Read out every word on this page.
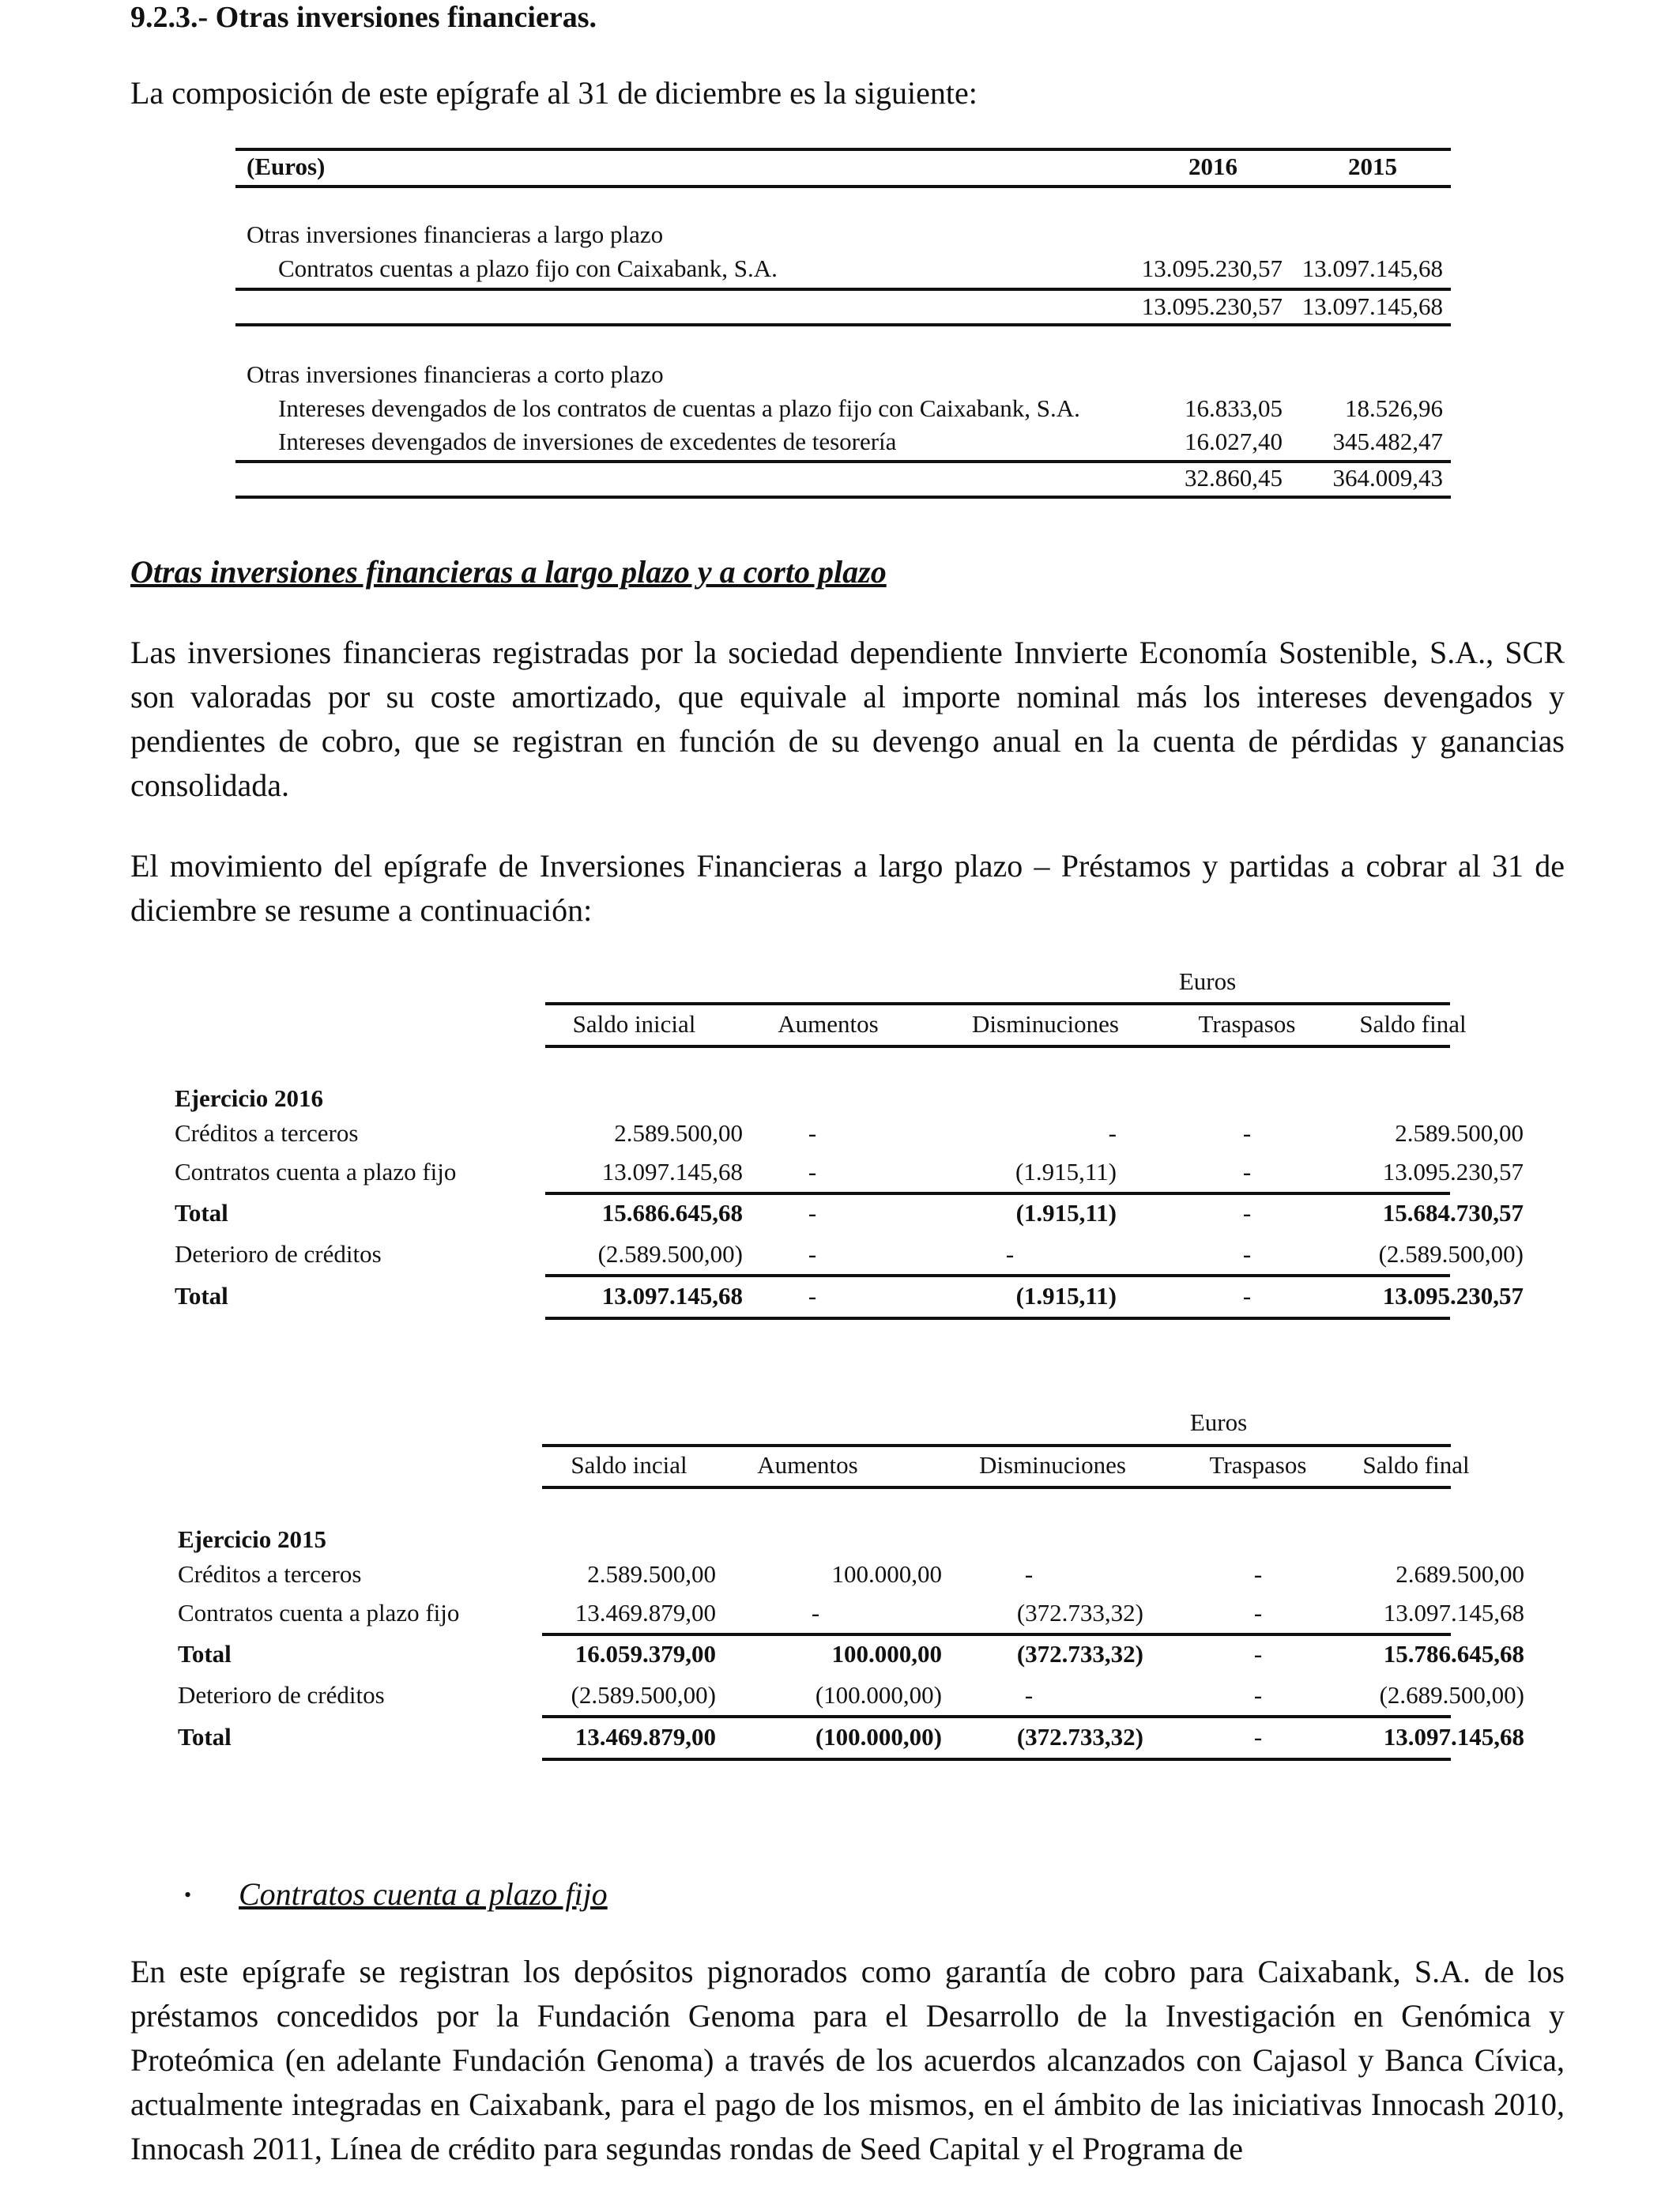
9.2.3.- Otras inversiones financieras.
La composición de este epígrafe al 31 de diciembre es la siguiente:
(Euros)	2016	2015
Otras inversiones financieras a largo plazo
Contratos cuentas a plazo fijo con Caixabank, S.A.	13.095.230,57 13.097.145,68
13.095.230,57 13.097.145,68
Otras inversiones financieras a corto plazo
Intereses devengados de los contratos de cuentas a plazo fijo con Caixabank, S.A.	16.833,05	18.526,96
Intereses devengados de inversiones de excedentes de tesorería	16.027,40 345.482,47
32.860,45 364.009,43
Otras inversiones financieras a largo plazo y a corto plazo
Las inversiones financieras registradas por la sociedad dependiente Innvierte Economía Sostenible, S.A., SCR son valoradas por su coste amortizado, que equivale al importe nominal más los intereses devengados y pendientes de cobro, que se registran en función de su devengo anual en la cuenta de pérdidas y ganancias consolidada.
El movimiento del epígrafe de Inversiones Financieras a largo plazo – Préstamos y partidas a cobrar al 31 de diciembre se resume a continuación:
Euros
Saldo inicial	Aumentos	Disminuciones	Traspasos	Saldo final
Ejercicio 2016
Créditos a terceros	2.589.500,00	-	-	-	2.589.500,00
Contratos cuenta a plazo fijo	13.097.145,68	-	(1.915,11)	-	13.095.230,57
Total	15.686.645,68	-	(1.915,11)	-	15.684.730,57
Deterioro de créditos	(2.589.500,00)	-	-	-	(2.589.500,00)
Total	13.097.145,68	-	(1.915,11)	-	13.095.230,57
Euros
Saldo incial	Aumentos	Disminuciones	Traspasos	Saldo final
Ejercicio 2015
Créditos a terceros	2.589.500,00	100.000,00	-	-	2.689.500,00
Contratos cuenta a plazo fijo	13.469.879,00	-	(372.733,32)	-	13.097.145,68
Total	16.059.379,00	100.000,00	(372.733,32)	-	15.786.645,68
Deterioro de créditos	(2.589.500,00)	(100.000,00)	-	-	(2.689.500,00)
Total	13.469.879,00	(100.000,00)	(372.733,32)	-	13.097.145,68
• Contratos cuenta a plazo fijo
En este epígrafe se registran los depósitos pignorados como garantía de cobro para Caixabank, S.A. de los préstamos concedidos por la Fundación Genoma para el Desarrollo de la Investigación en Genómica y Proteómica (en adelante Fundación Genoma) a través de los acuerdos alcanzados con Cajasol y Banca Cívica, actualmente integradas en Caixabank, para el pago de los mismos, en el ámbito de las iniciativas Innocash 2010, Innocash 2011, Línea de crédito para segundas rondas de Seed Capital y el Programa de
